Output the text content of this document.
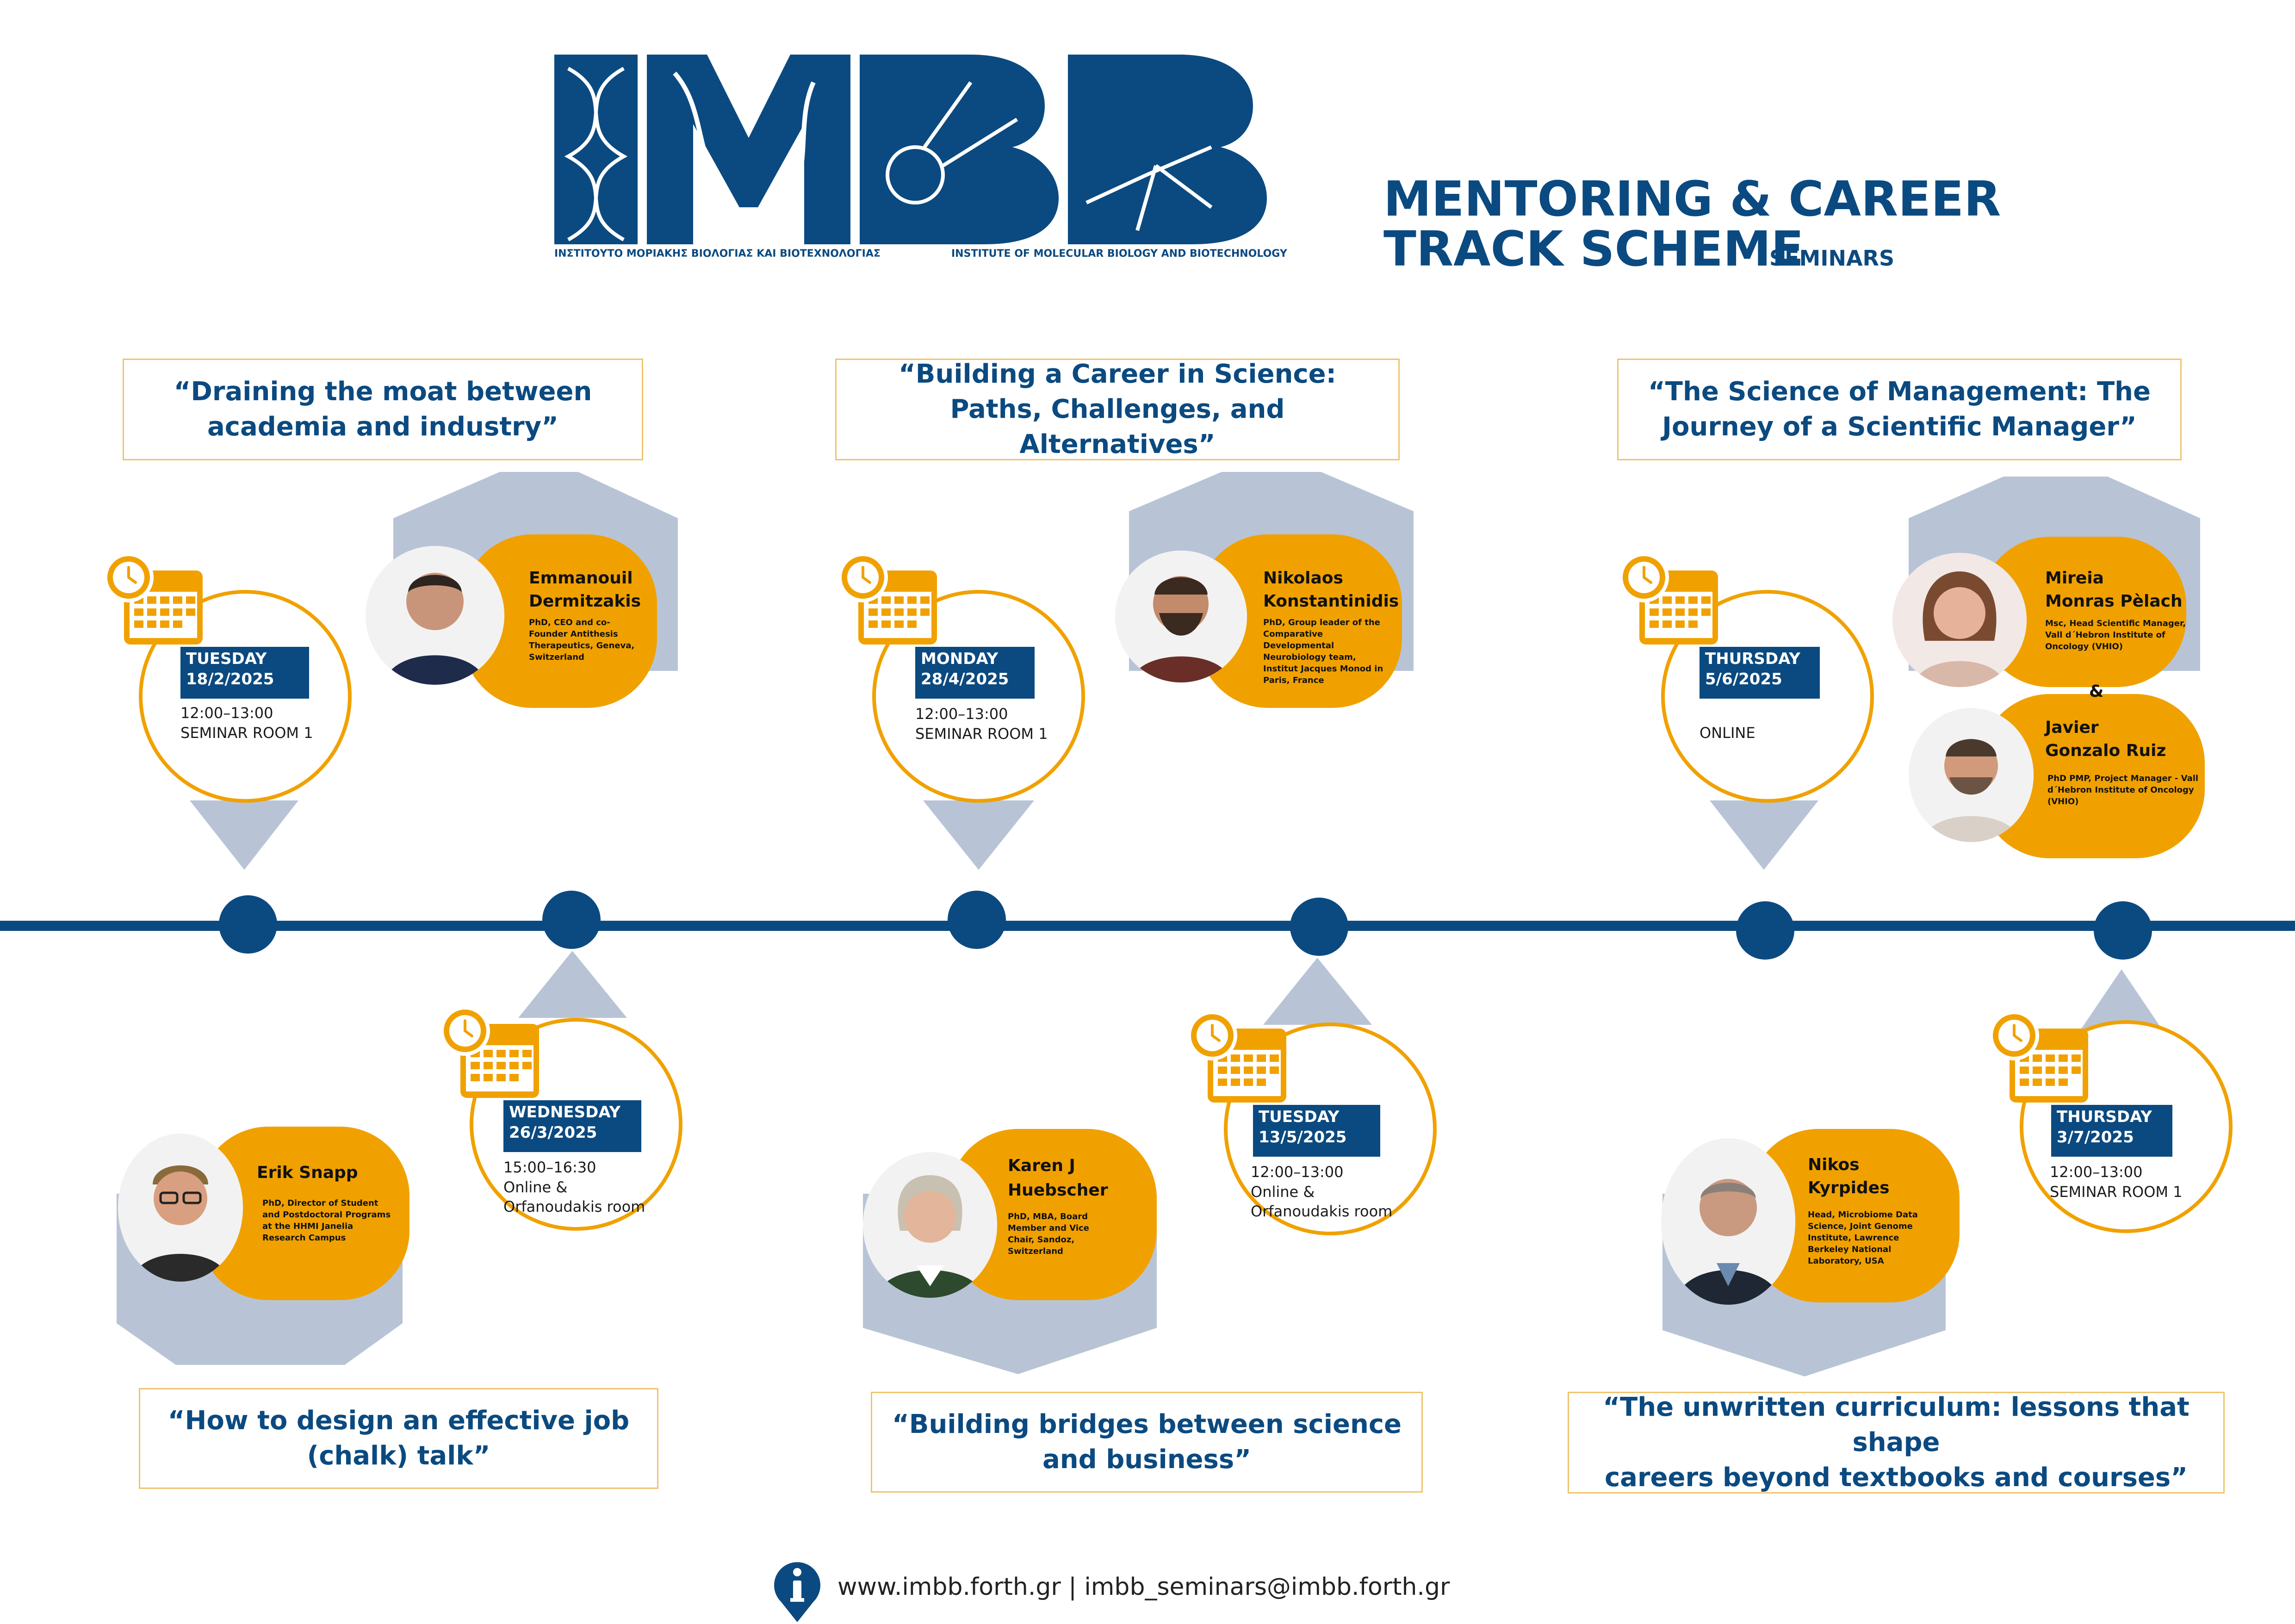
ΙΝΣΤΙΤΟΥΤΟ ΜΟΡΙΑΚΗΣ ΒΙΟΛΟΓΙΑΣ ΚΑΙ ΒΙΟΤΕΧΝΟΛΟΓΙΑΣ	INSTITUTE OF MOLECULAR BIOLOGY AND BIOTECHNOLOGY
MENTORING & CAREER
TRACK SCHEME
SEMINARS
“Draining the moat between
academia and industry”
“Building a Career in Science:
Paths, Challenges, and Alternatives”
“The Science of Management: The
Journey of a Scientific Manager”
“How to design an effective job
(chalk) talk”
“Building bridges between science
and business”
“The unwritten curriculum: lessons that shape
careers beyond textbooks and courses”
Emmanouil
Dermitzakis
PhD, CEO and co-Founder Antithesis Therapeutics, Geneva, Switzerland
TUESDAY
18/2/2025
12:00–13:00
SEMINAR ROOM 1
Nikolaos
Konstantinidis
PhD, Group leader of the Comparative Developmental Neurobiology team, Institut Jacques Monod in Paris, France
MONDAY
28/4/2025
12:00–13:00
SEMINAR ROOM 1
Mireia
Monras Pèlach
Msc, Head Scientific Manager, Vall d´Hebron Institute of Oncology (VHIO)
&
Javier
Gonzalo Ruiz
PhD PMP, Project Manager - Vall d´Hebron Institute of Oncology (VHIO)
THURSDAY
5/6/2025
ONLINE
Erik Snapp
PhD, Director of Student and Postdoctoral Programs at the HHMI Janelia Research Campus
WEDNESDAY
26/3/2025
15:00–16:30
Online &
Orfanoudakis room
Karen J
Huebscher
PhD, MBA, Board Member and Vice Chair, Sandoz, Switzerland
TUESDAY
13/5/2025
12:00–13:00
Online &
Orfanoudakis room
Nikos
Kyrpides
Head, Microbiome Data Science, Joint Genome Institute, Lawrence Berkeley National Laboratory, USA
THURSDAY
3/7/2025
12:00–13:00
SEMINAR ROOM 1
www.imbb.forth.gr | imbb_seminars@imbb.forth.gr
